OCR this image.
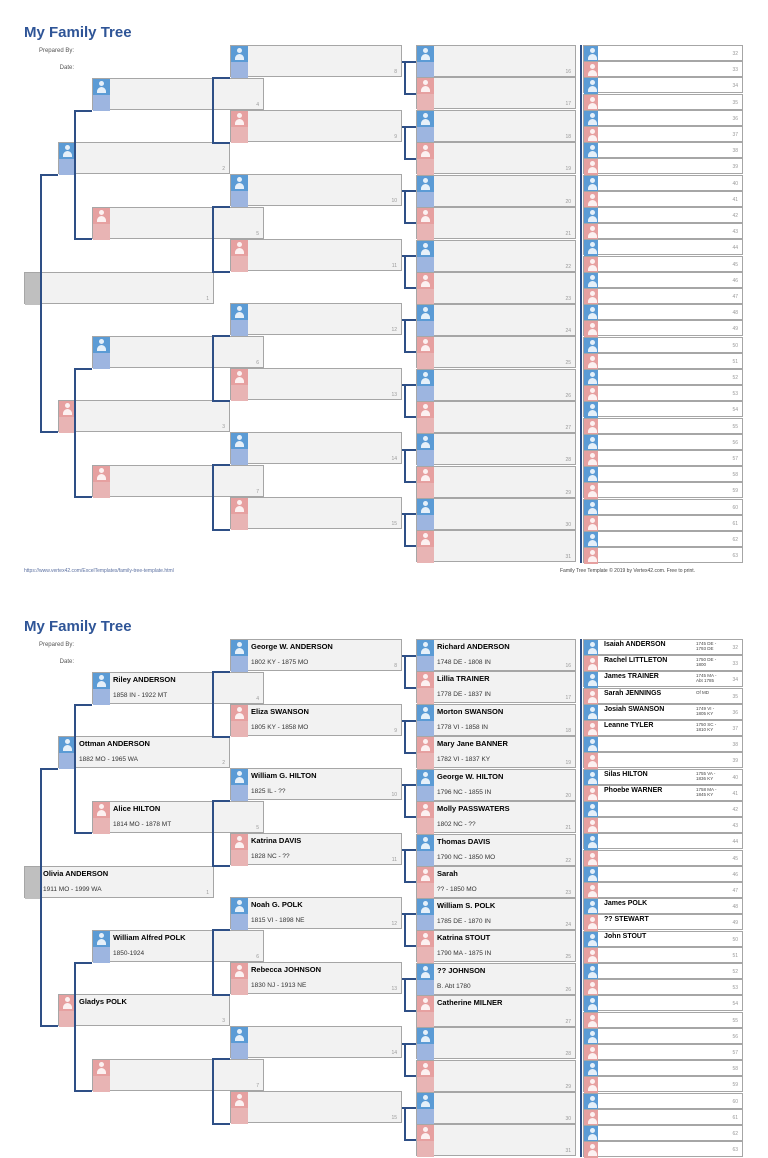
My Family Tree
Prepared By:
Date:
1
2
3
4
5
6
7
8
9
10
11
12
13
14
15
16
17
18
19
20
21
22
23
24
25
26
27
28
29
30
31
32
33
34
35
36
37
38
39
40
41
42
43
44
45
46
47
48
49
50
51
52
53
54
55
56
57
58
59
60
61
62
63
https://www.vertex42.com/ExcelTemplates/family-tree-template.html	Family Tree Template © 2019 by Vertex42.com. Free to print.
My Family Tree
Prepared By:
Date:
Olivia ANDERSON
1911 MO - 1999 WA	1
Ottman ANDERSON
1882 MO - 1965 WA	2
Gladys POLK
3
Riley ANDERSON
1858 IN - 1922 MT	4
Alice HILTON
1814 MO - 1878 MT	5
William Alfred POLK
1850-1924	6
7
George W. ANDERSON
1802 KY - 1875 MO	8
Eliza SWANSON
1805 KY - 1858 MO	9
William G. HILTON
1825 IL - ??	10
Katrina DAVIS
1828 NC - ??	11
Noah G. POLK
1815 VI - 1898 NE	12
Rebecca JOHNSON
1830 NJ - 1913 NE	13
14
15
Richard ANDERSON
1748 DE - 1808 IN	16
Lillia TRAINER
1778 DE - 1837 IN	17
Morton SWANSON
1778 VI - 1858 IN	18
Mary Jane BANNER
1782 VI - 1837 KY	19
George W. HILTON
1796 NC - 1855 IN	20
Molly PASSWATERS
1802 NC - ??	21
Thomas DAVIS
1790 NC - 1850 MO	22
Sarah
?? - 1850 MO	23
William S. POLK
1785 DE - 1870 IN	24
Katrina STOUT
1790 MA - 1875 IN	25
?? JOHNSON
B. Abt 1780	26
Catherine MILNER
27
28
29
30
31
Isaiah ANDERSON	1745 DE -
1793 DE	32
Rachel LITTLETON	1750 DE -
1800	33
James TRAINER	1745 MA -
Abt 1785	34
Sarah JENNINGS	Of MD
35
Josiah SWANSON	1749 VI -
1805 KY	36
Leanne TYLER	1750 SC -
1810 KY	37
38
39
Silas HILTON	1755 VA -
1836 KY	40
Phoebe WARNER	1758 MA -
1845 KY	41
42
43
44
45
46
47
James POLK	48
?? STEWART	49
John STOUT	50
51
52
53
54
55
56
57
58
59
60
61
62
63
